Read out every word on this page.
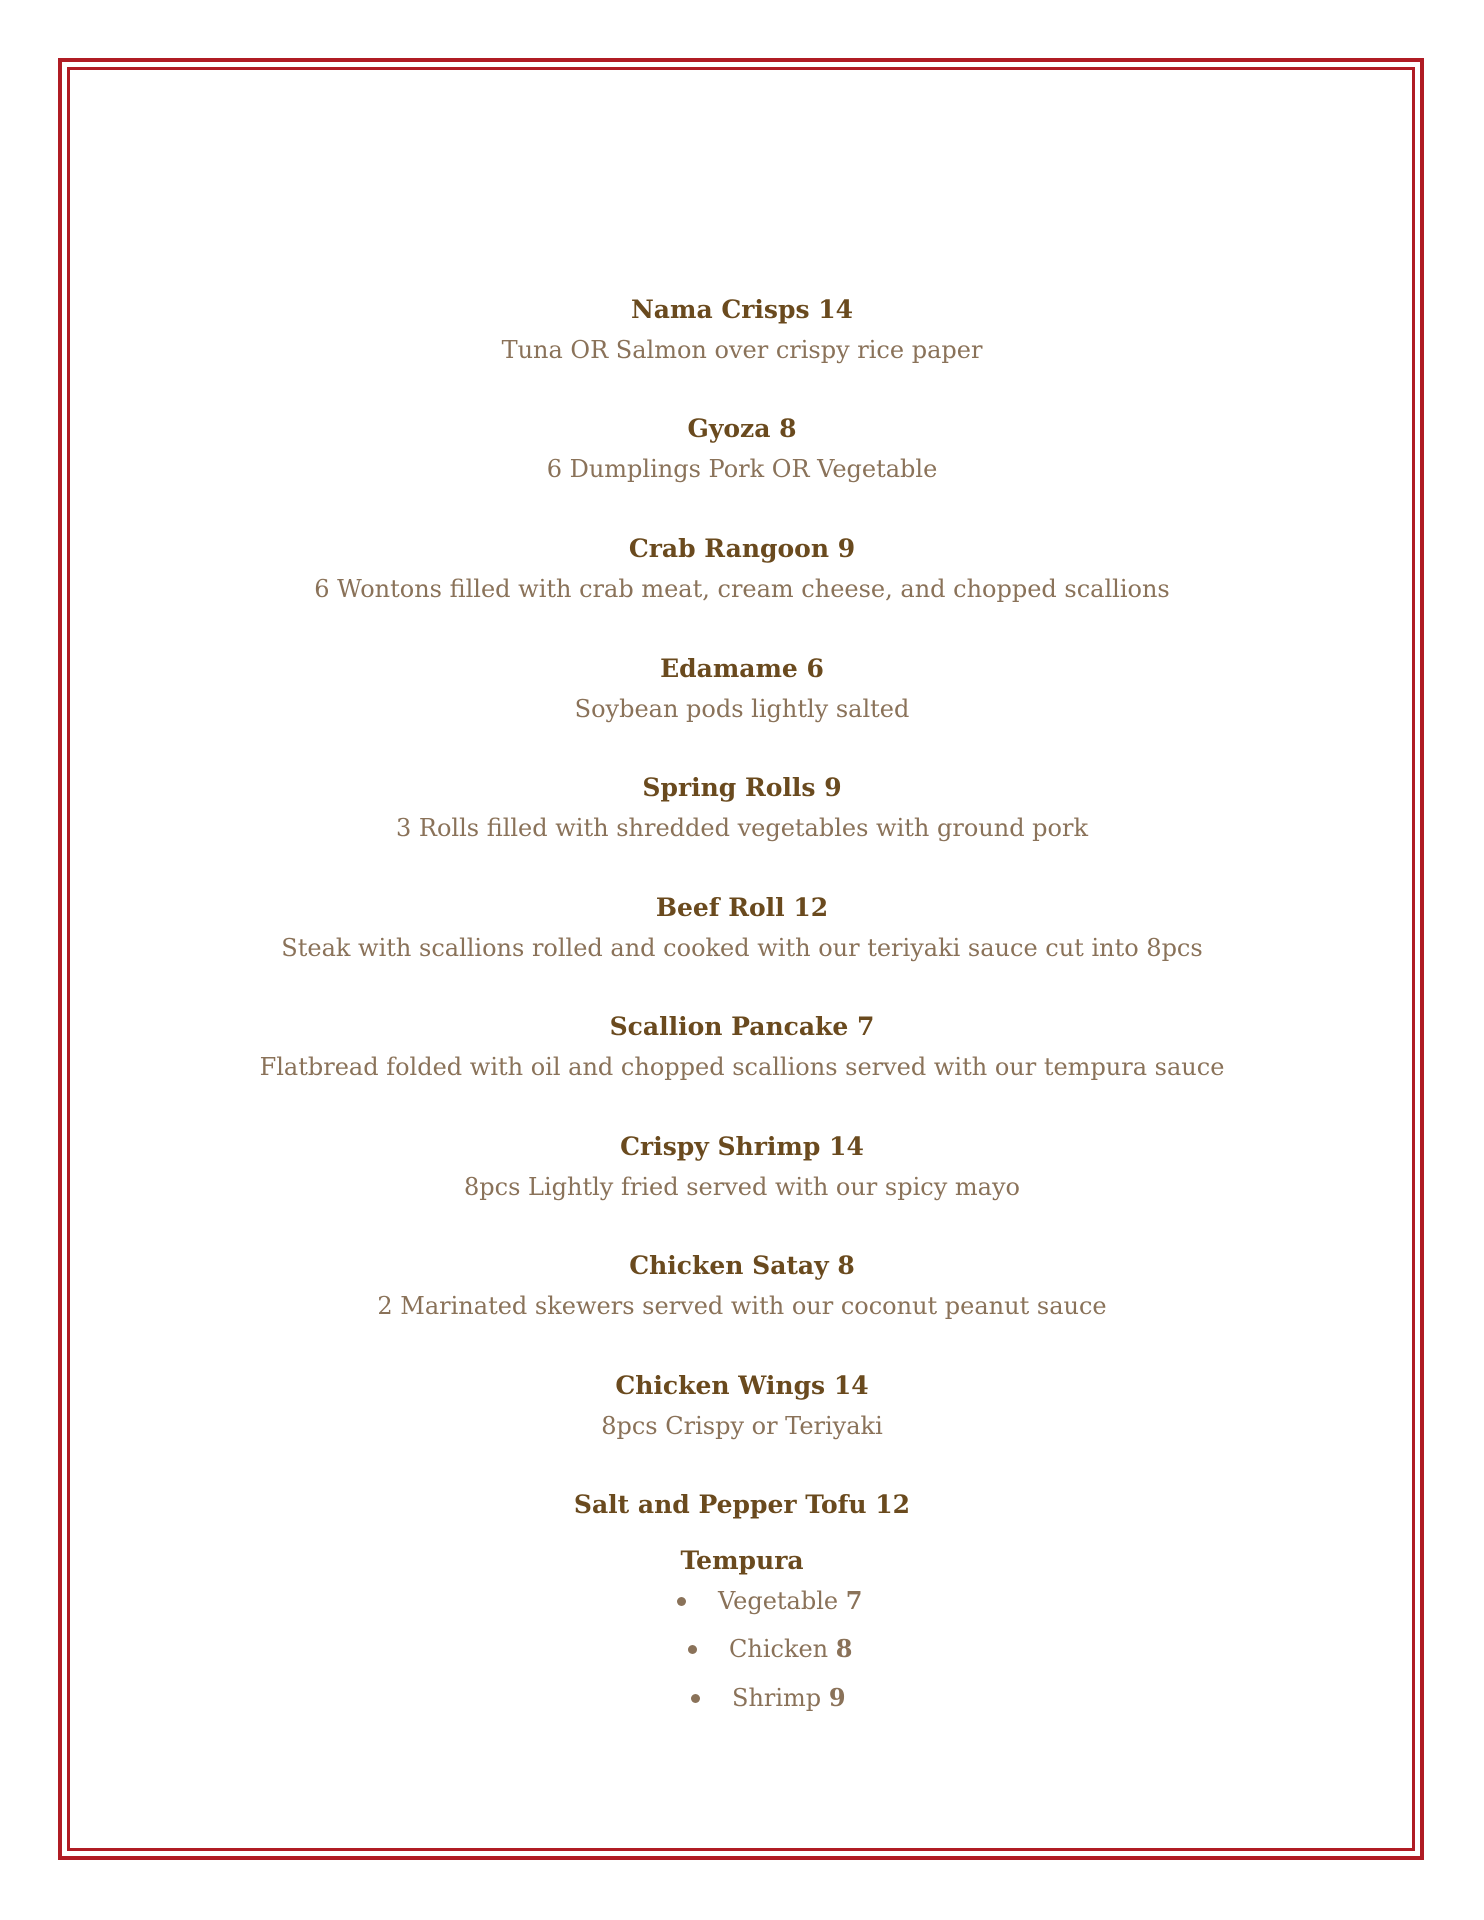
Nama Crisps 14
Tuna OR Salmon over crispy rice paper
Gyoza 8
6 Dumplings Pork OR Vegetable
Crab Rangoon 9
6 Wontons filled with crab meat, cream cheese, and chopped scallions
Edamame 6
Soybean pods lightly salted
Spring Rolls 9
3 Rolls filled with shredded vegetables with ground pork
Beef Roll 12
Steak with scallions rolled and cooked with our teriyaki sauce cut into 8pcs
Scallion Pancake 7
Flatbread folded with oil and chopped scallions served with our tempura sauce
Crispy Shrimp 14
8pcs Lightly fried served with our spicy mayo
Chicken Satay 8
2 Marinated skewers served with our coconut peanut sauce
Chicken Wings 14
8pcs Crispy or Teriyaki
Salt and Pepper Tofu 12
Tempura
Vegetable 7
Chicken 8
Shrimp 9
